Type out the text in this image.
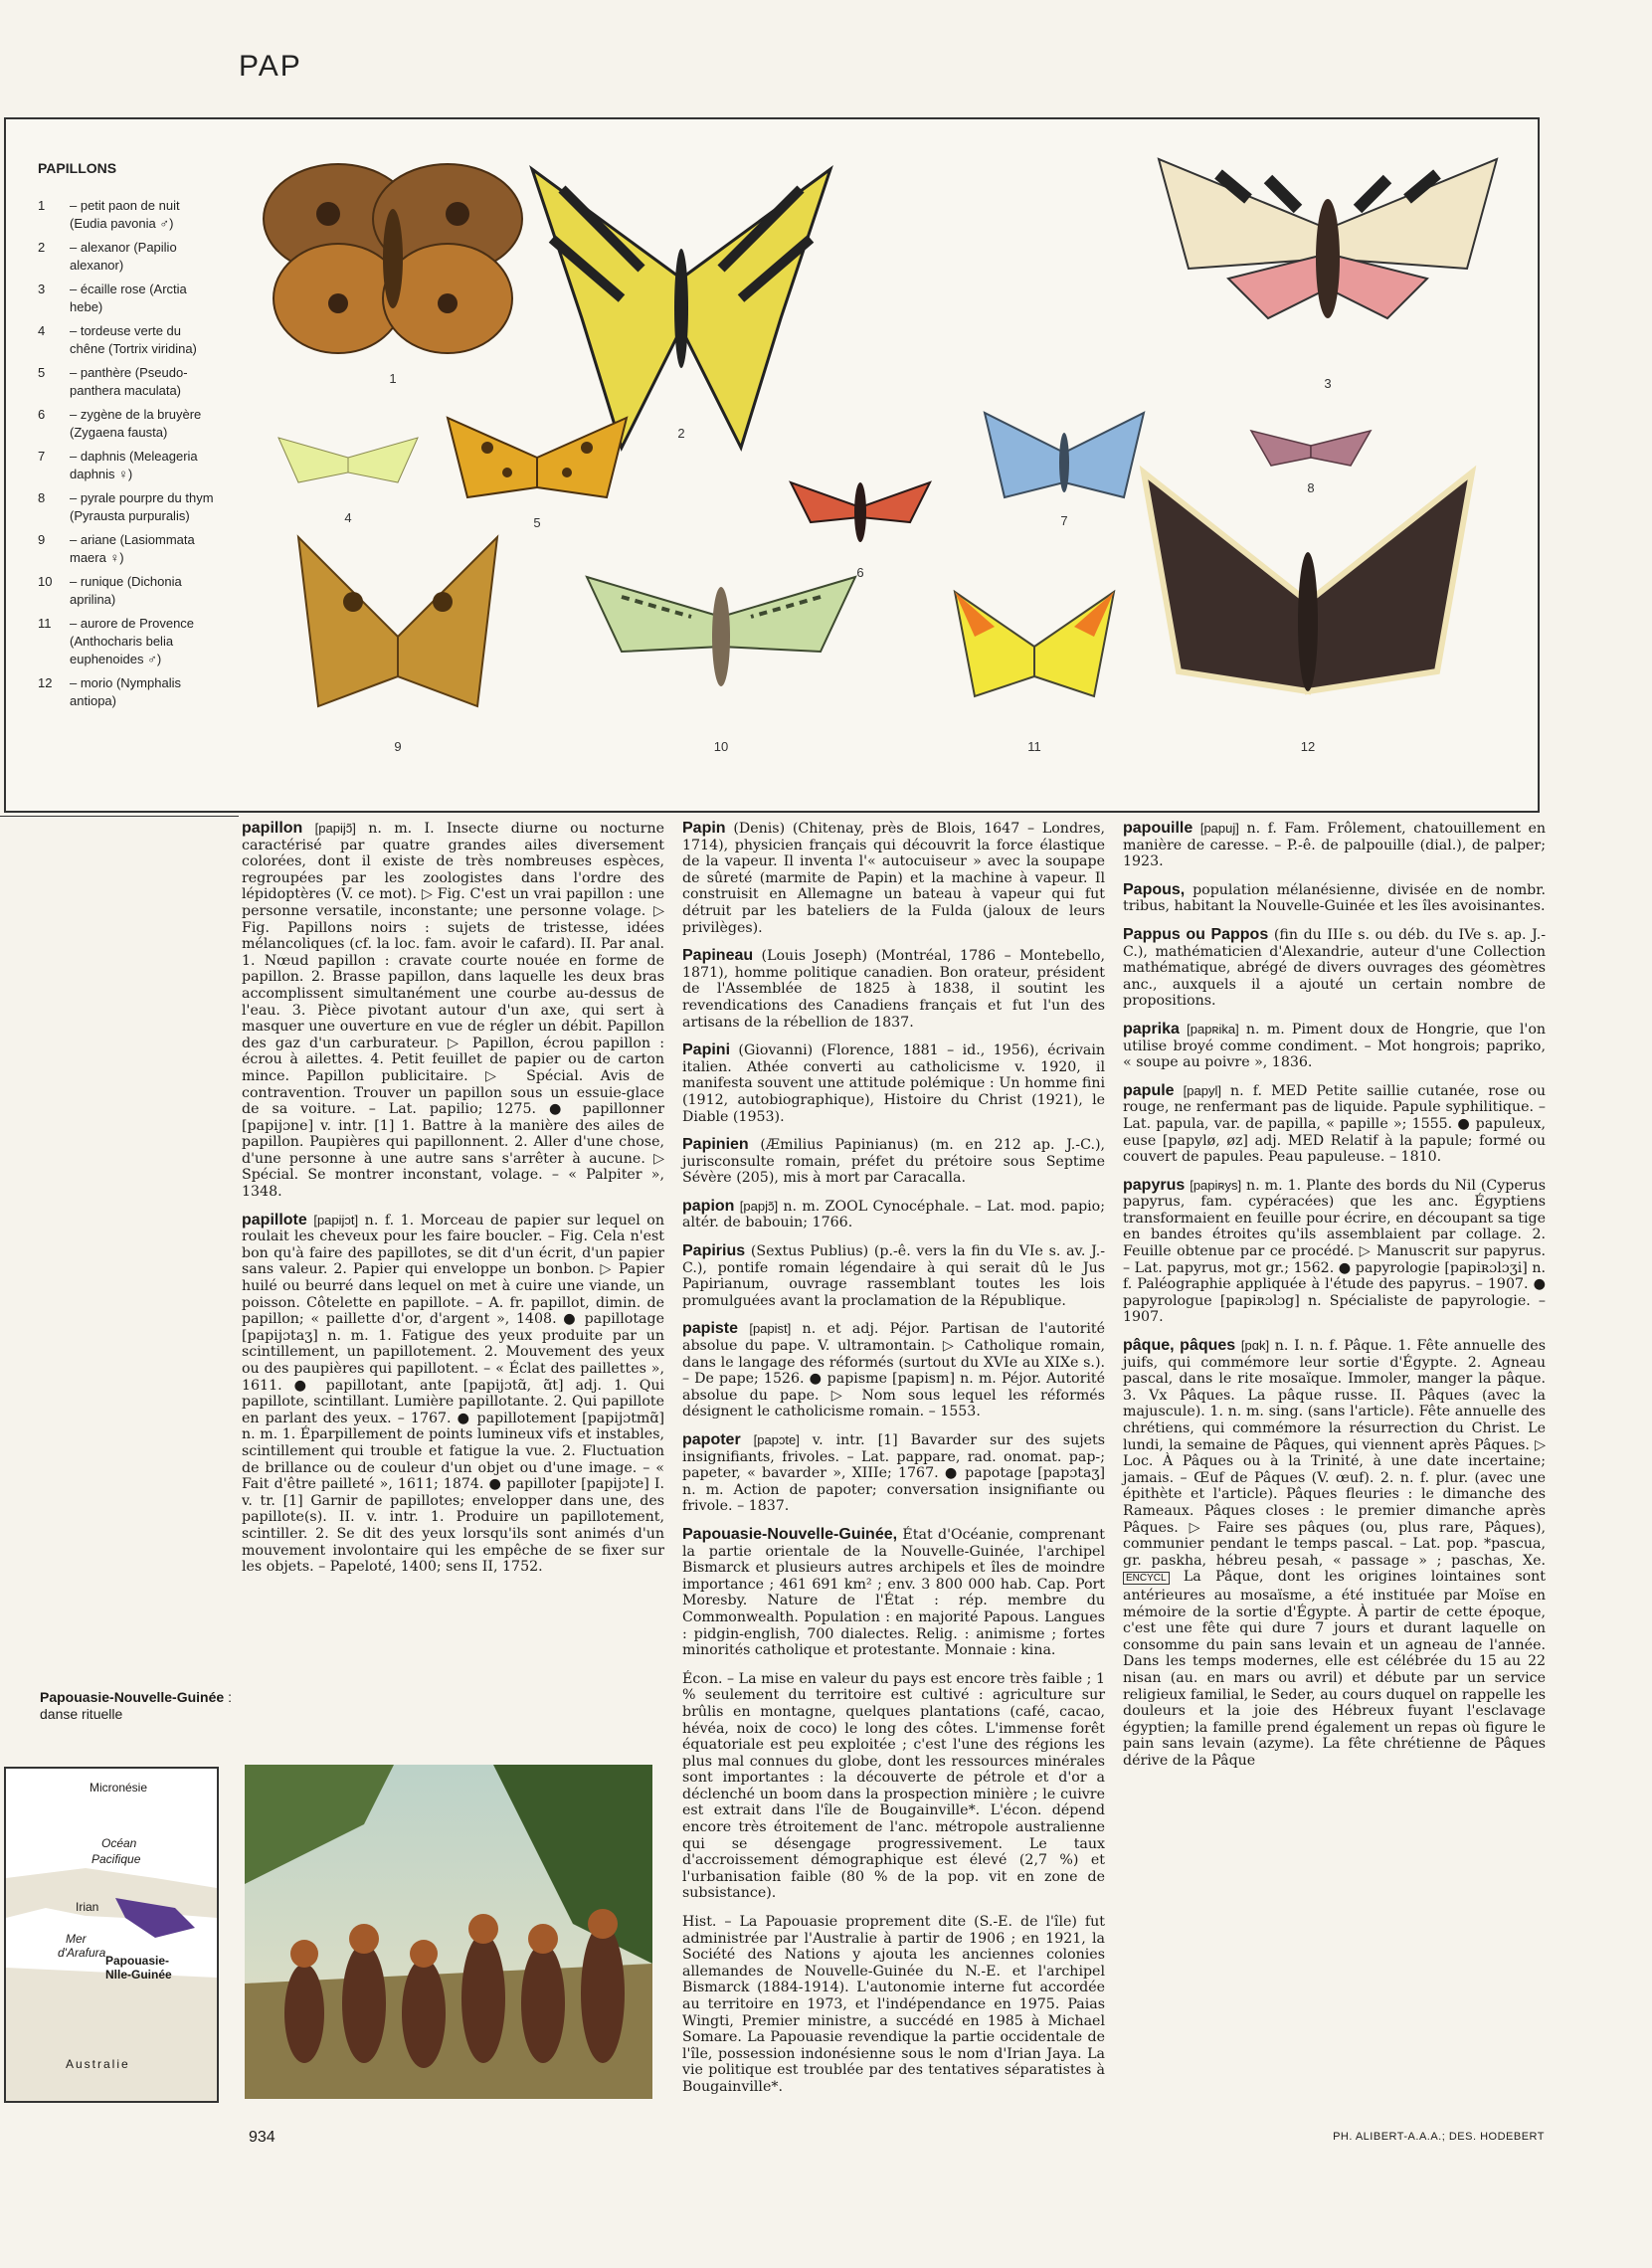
PAP
PAPILLONS
1	– petit paon de nuit (Eudia pavonia ♂)
2	– alexanor (Papilio alexanor)
3	– écaille rose (Arctia hebe)
4	– tordeuse verte du chêne (Tortrix viridina)
5	– panthère (Pseudo-panthera maculata)
6	– zygène de la bruyère (Zygaena fausta)
7	– daphnis (Meleageria daphnis ♀)
8	– pyrale pourpre du thym (Pyrausta purpuralis)
9	– ariane (Lasiommata maera ♀)
10	– runique (Dichonia aprilina)
11	– aurore de Provence (Anthocharis belia euphenoides ♂)
12	– morio (Nymphalis antiopa)
1
2
3
4	5
6
7
8
9	10	11	12

papillon [papijɔ̃] n. m. I. Insecte diurne ou nocturne caractérisé par quatre grandes ailes diversement colorées, dont il existe de très nombreuses espèces, regroupées par les zoologistes dans l'ordre des lépidoptères (V. ce mot). ▷ Fig. C'est un vrai papillon : une personne versatile, inconstante; une personne volage. ▷ Fig. Papillons noirs : sujets de tristesse, idées mélancoliques (cf. la loc. fam. avoir le cafard). II. Par anal. 1. Nœud papillon : cravate courte nouée en forme de papillon. 2. Brasse papillon, dans laquelle les deux bras accomplissent simultanément une courbe au-dessus de l'eau. 3. Pièce pivotant autour d'un axe, qui sert à masquer une ouverture en vue de régler un débit. Papillon des gaz d'un carburateur. ▷ Papillon, écrou papillon : écrou à ailettes. 4. Petit feuillet de papier ou de carton mince. Papillon publicitaire. ▷ Spécial. Avis de contravention. Trouver un papillon sous un essuie-glace de sa voiture. – Lat. papilio; 1275. ● papillonner [papijɔne] v. intr. [1] 1. Battre à la manière des ailes de papillon. Paupières qui papillonnent. 2. Aller d'une chose, d'une personne à une autre sans s'arrêter à aucune. ▷ Spécial. Se montrer inconstant, volage. – « Palpiter », 1348.

papillote [papijɔt] n. f. 1. Morceau de papier sur lequel on roulait les cheveux pour les faire boucler. – Fig. Cela n'est bon qu'à faire des papillotes, se dit d'un écrit, d'un papier sans valeur. 2. Papier qui enveloppe un bonbon. ▷ Papier huilé ou beurré dans lequel on met à cuire une viande, un poisson. Côtelette en papillote. – A. fr. papillot, dimin. de papillon; « paillette d'or, d'argent », 1408. ● papillotage [papijɔtaʒ] n. m. 1. Fatigue des yeux produite par un scintillement, un papillotement. 2. Mouvement des yeux ou des paupières qui papillotent. – « Éclat des paillettes », 1611. ● papillotant, ante [papijɔtɑ̃, ɑ̃t] adj. 1. Qui papillote, scintillant. Lumière papillotante. 2. Qui papillote en parlant des yeux. – 1767. ● papillotement [papijɔtmɑ̃] n. m. 1. Éparpillement de points lumineux vifs et instables, scintillement qui trouble et fatigue la vue. 2. Fluctuation de brillance ou de couleur d'un objet ou d'une image. – « Fait d'être pailleté », 1611; 1874. ● papilloter [papijɔte] I. v. tr. [1] Garnir de papillotes; envelopper dans une, des papillote(s). II. v. intr. 1. Produire un papillotement, scintiller. 2. Se dit des yeux lorsqu'ils sont animés d'un mouvement involontaire qui les empêche de se fixer sur les objets. – Papeloté, 1400; sens II, 1752.

Papin (Denis) (Chitenay, près de Blois, 1647 – Londres, 1714), physicien français qui découvrit la force élastique de la vapeur. Il inventa l'« autocuiseur » avec la soupape de sûreté (marmite de Papin) et la machine à vapeur. Il construisit en Allemagne un bateau à vapeur qui fut détruit par les bateliers de la Fulda (jaloux de leurs privilèges).

Papineau (Louis Joseph) (Montréal, 1786 – Montebello, 1871), homme politique canadien. Bon orateur, président de l'Assemblée de 1825 à 1838, il soutint les revendications des Canadiens français et fut l'un des artisans de la rébellion de 1837.

Papini (Giovanni) (Florence, 1881 – id., 1956), écrivain italien. Athée converti au catholicisme v. 1920, il manifesta souvent une attitude polémique : Un homme fini (1912, autobiographique), Histoire du Christ (1921), le Diable (1953).

Papinien (Æmilius Papinianus) (m. en 212 ap. J.-C.), jurisconsulte romain, préfet du prétoire sous Septime Sévère (205), mis à mort par Caracalla.

papion [papjɔ̃] n. m. ZOOL Cynocéphale. – Lat. mod. papio; altér. de babouin; 1766.

Papirius (Sextus Publius) (p.-ê. vers la fin du VIe s. av. J.-C.), pontife romain légendaire à qui serait dû le Jus Papirianum, ouvrage rassemblant toutes les lois promulguées avant la proclamation de la République.

papiste [papist] n. et adj. Péjor. Partisan de l'autorité absolue du pape. V. ultramontain. ▷ Catholique romain, dans le langage des réformés (surtout du XVIe au XIXe s.). – De pape; 1526. ● papisme [papism] n. m. Péjor. Autorité absolue du pape. ▷ Nom sous lequel les réformés désignent le catholicisme romain. – 1553.

papoter [papɔte] v. intr. [1] Bavarder sur des sujets insignifiants, frivoles. – Lat. pappare, rad. onomat. pap-; papeter, « bavarder », XIIIe; 1767. ● papotage [papɔtaʒ] n. m. Action de papoter; conversation insignifiante ou frivole. – 1837.

Papouasie-Nouvelle-Guinée, État d'Océanie, comprenant la partie orientale de la Nouvelle-Guinée, l'archipel Bismarck et plusieurs autres archipels et îles de moindre importance ; 461 691 km² ; env. 3 800 000 hab. Cap. Port Moresby. Nature de l'État : rép. membre du Commonwealth. Population : en majorité Papous. Langues : pidgin-english, 700 dialectes. Relig. : animisme ; fortes minorités catholique et protestante. Monnaie : kina.

Écon. – La mise en valeur du pays est encore très faible ; 1 % seulement du territoire est cultivé : agriculture sur brûlis en montagne, quelques plantations (café, cacao, hévéa, noix de coco) le long des côtes. L'immense forêt équatoriale est peu exploitée ; c'est l'une des régions les plus mal connues du globe, dont les ressources minérales sont importantes : la découverte de pétrole et d'or a déclenché un boom dans la prospection minière ; le cuivre est extrait dans l'île de Bougainville*. L'écon. dépend encore très étroitement de l'anc. métropole australienne qui se désengage progressivement. Le taux d'accroissement démographique est élevé (2,7 %) et l'urbanisation faible (80 % de la pop. vit en zone de subsistance).

Hist. – La Papouasie proprement dite (S.-E. de l'île) fut administrée par l'Australie à partir de 1906 ; en 1921, la Société des Nations y ajouta les anciennes colonies allemandes de Nouvelle-Guinée du N.-E. et l'archipel Bismarck (1884-1914). L'autonomie interne fut accordée au territoire en 1973, et l'indépendance en 1975. Paias Wingti, Premier ministre, a succédé en 1985 à Michael Somare. La Papouasie revendique la partie occidentale de l'île, possession indonésienne sous le nom d'Irian Jaya. La vie politique est troublée par des tentatives séparatistes à Bougainville*.

papouille [papuj] n. f. Fam. Frôlement, chatouillement en manière de caresse. – P.-ê. de palpouille (dial.), de palper; 1923.

Papous, population mélanésienne, divisée en de nombr. tribus, habitant la Nouvelle-Guinée et les îles avoisinantes.

Pappus ou Pappos (fin du IIIe s. ou déb. du IVe s. ap. J.-C.), mathématicien d'Alexandrie, auteur d'une Collection mathématique, abrégé de divers ouvrages des géomètres anc., auxquels il a ajouté un certain nombre de propositions.

paprika [papʀika] n. m. Piment doux de Hongrie, que l'on utilise broyé comme condiment. – Mot hongrois; papriko, « soupe au poivre », 1836.

papule [papyl] n. f. MED Petite saillie cutanée, rose ou rouge, ne renfermant pas de liquide. Papule syphilitique. – Lat. papula, var. de papilla, « papille »; 1555. ● papuleux, euse [papylø, øz] adj. MED Relatif à la papule; formé ou couvert de papules. Peau papuleuse. – 1810.

papyrus [papiʀys] n. m. 1. Plante des bords du Nil (Cyperus papyrus, fam. cypéracées) que les anc. Égyptiens transformaient en feuille pour écrire, en découpant sa tige en bandes étroites qu'ils assemblaient par collage. 2. Feuille obtenue par ce procédé. ▷ Manuscrit sur papyrus. – Lat. papyrus, mot gr.; 1562. ● papyrologie [papiʀɔlɔʒi] n. f. Paléographie appliquée à l'étude des papyrus. – 1907. ● papyrologue [papiʀɔlɔg] n. Spécialiste de papyrologie. – 1907.

pâque, pâques [pɑk] n. I. n. f. Pâque. 1. Fête annuelle des juifs, qui commémore leur sortie d'Égypte. 2. Agneau pascal, dans le rite mosaïque. Immoler, manger la pâque. 3. Vx Pâques. La pâque russe. II. Pâques (avec la majuscule). 1. n. m. sing. (sans l'article). Fête annuelle des chrétiens, qui commémore la résurrection du Christ. Le lundi, la semaine de Pâques, qui viennent après Pâques. ▷ Loc. À Pâques ou à la Trinité, à une date incertaine; jamais. – Œuf de Pâques (V. œuf). 2. n. f. plur. (avec une épithète et l'article). Pâques fleuries : le dimanche des Rameaux. Pâques closes : le premier dimanche après Pâques. ▷ Faire ses pâques (ou, plus rare, Pâques), communier pendant le temps pascal. – Lat. pop. *pascua, gr. paskha, hébreu pesah, « passage » ; paschas, Xe. ENCYCL La Pâque, dont les origines lointaines sont antérieures au mosaïsme, a été instituée par Moïse en mémoire de la sortie d'Égypte. À partir de cette époque, c'est une fête qui dure 7 jours et durant laquelle on consomme du pain sans levain et un agneau de l'année. Dans les temps modernes, elle est célébrée du 15 au 22 nisan (au. en mars ou avril) et débute par un service religieux familial, le Seder, au cours duquel on rappelle les douleurs et la joie des Hébreux fuyant l'esclavage égyptien; la famille prend également un repas où figure le pain sans levain (azyme). La fête chrétienne de Pâques dérive de la Pâque

Papouasie-Nouvelle-Guinée : danse rituelle
Micronésie
Océan
Pacifique
Irian
Mer
d'Arafura
Papouasie-
Nlle-Guinée
Australie
934	PH. ALIBERT-A.A.A.; DES. HODEBERT
